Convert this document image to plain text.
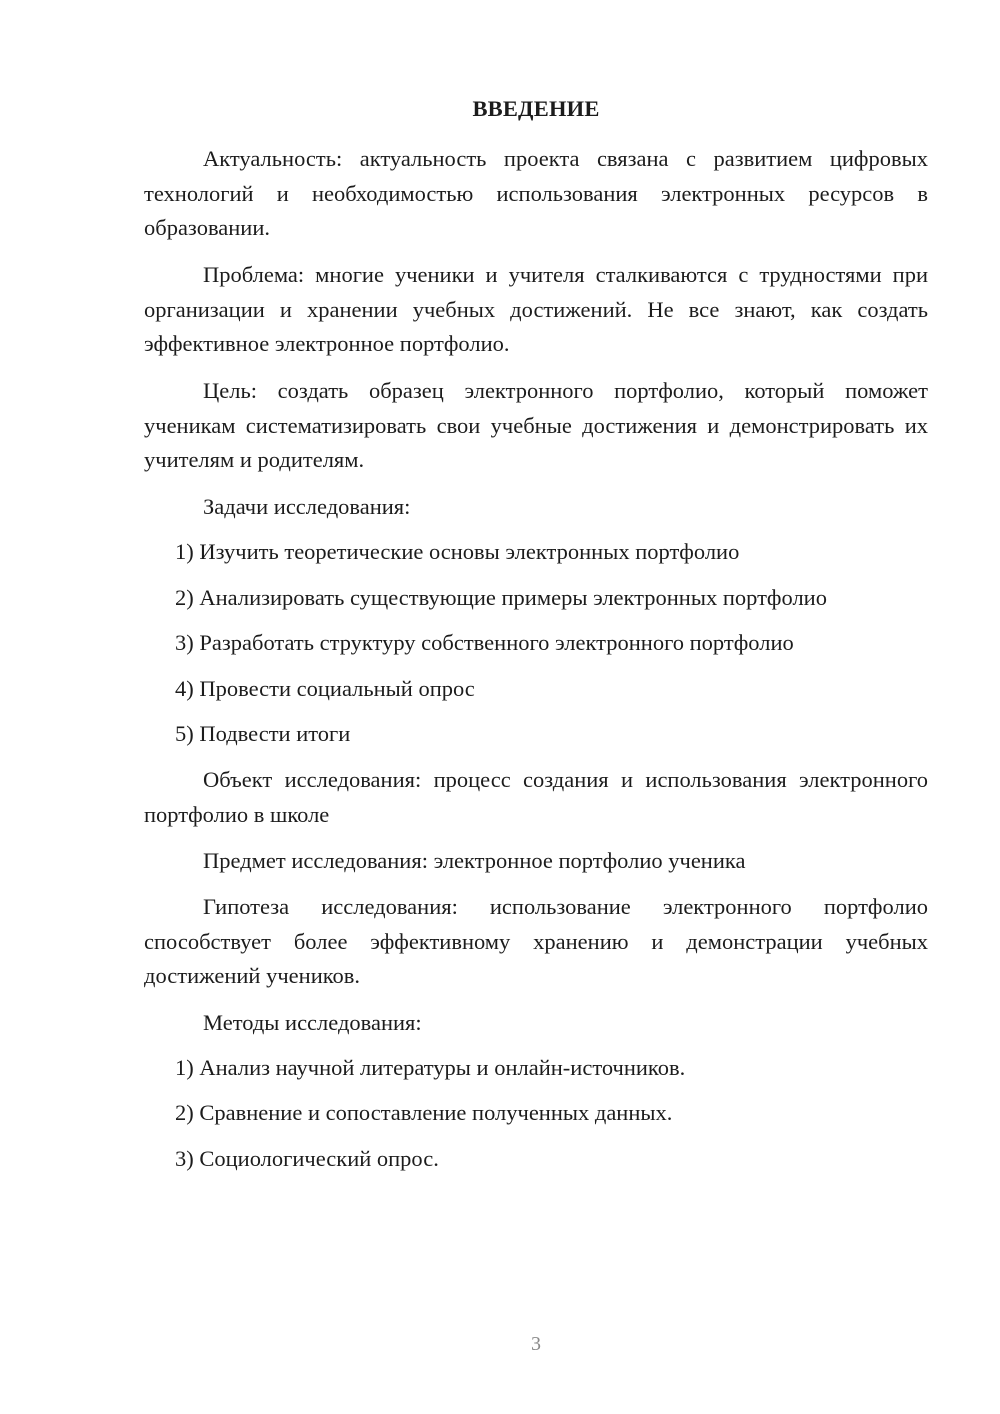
ВВЕДЕНИЕ

Актуальность: актуальность проекта связана с развитием цифровых технологий и необходимостью использования электронных ресурсов в образовании.

Проблема: многие ученики и учителя сталкиваются с трудностями при организации и хранении учебных достижений. Не все знают, как создать эффективное электронное портфолио.

Цель: создать образец электронного портфолио, который поможет ученикам систематизировать свои учебные достижения и демонстрировать их учителям и родителям.

Задачи исследования:

1) Изучить теоретические основы электронных портфолио

2) Анализировать существующие примеры электронных портфолио

3) Разработать структуру собственного электронного портфолио

4) Провести социальный опрос

5) Подвести итоги

Объект исследования: процесс создания и использования электронного портфолио в школе

Предмет исследования: электронное портфолио ученика

Гипотеза исследования: использование электронного портфолио способствует более эффективному хранению и демонстрации учебных достижений учеников.

Методы исследования:

1) Анализ научной литературы и онлайн-источников.

2) Сравнение и сопоставление полученных данных.

3) Социологический опрос.

3
